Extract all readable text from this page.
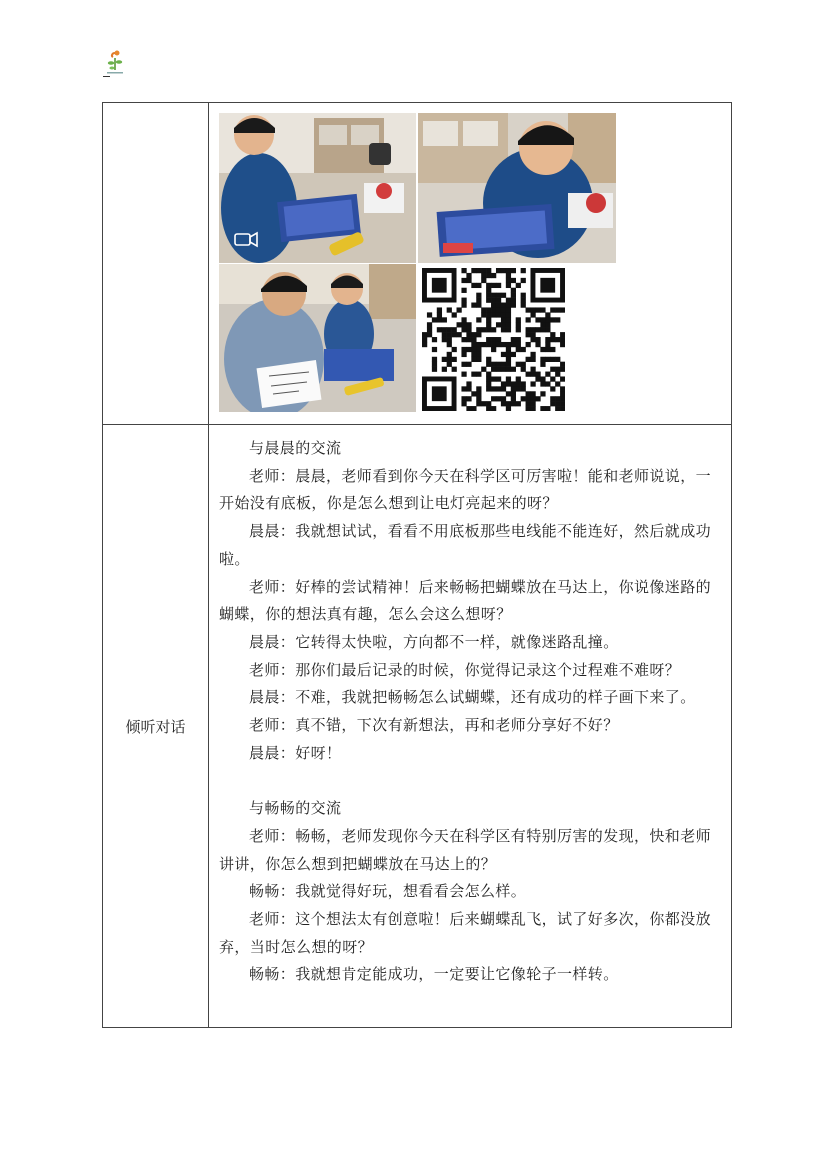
倾听对话

与晨晨的交流

老师：晨晨，老师看到你今天在科学区可厉害啦！能和老师说说，一开始没有底板，你是怎么想到让电灯亮起来的呀？

晨晨：我就想试试，看看不用底板那些电线能不能连好，然后就成功啦。

老师：好棒的尝试精神！后来畅畅把蝴蝶放在马达上，你说像迷路的蝴蝶，你的想法真有趣，怎么会这么想呀？

晨晨：它转得太快啦，方向都不一样，就像迷路乱撞。

老师：那你们最后记录的时候，你觉得记录这个过程难不难呀？

晨晨：不难，我就把畅畅怎么试蝴蝶，还有成功的样子画下来了。

老师：真不错，下次有新想法，再和老师分享好不好？

晨晨：好呀！

与畅畅的交流

老师：畅畅，老师发现你今天在科学区有特别厉害的发现，快和老师讲讲，你怎么想到把蝴蝶放在马达上的？

畅畅：我就觉得好玩，想看看会怎么样。

老师：这个想法太有创意啦！后来蝴蝶乱飞，试了好多次，你都没放弃，当时怎么想的呀？

畅畅：我就想肯定能成功，一定要让它像轮子一样转。
